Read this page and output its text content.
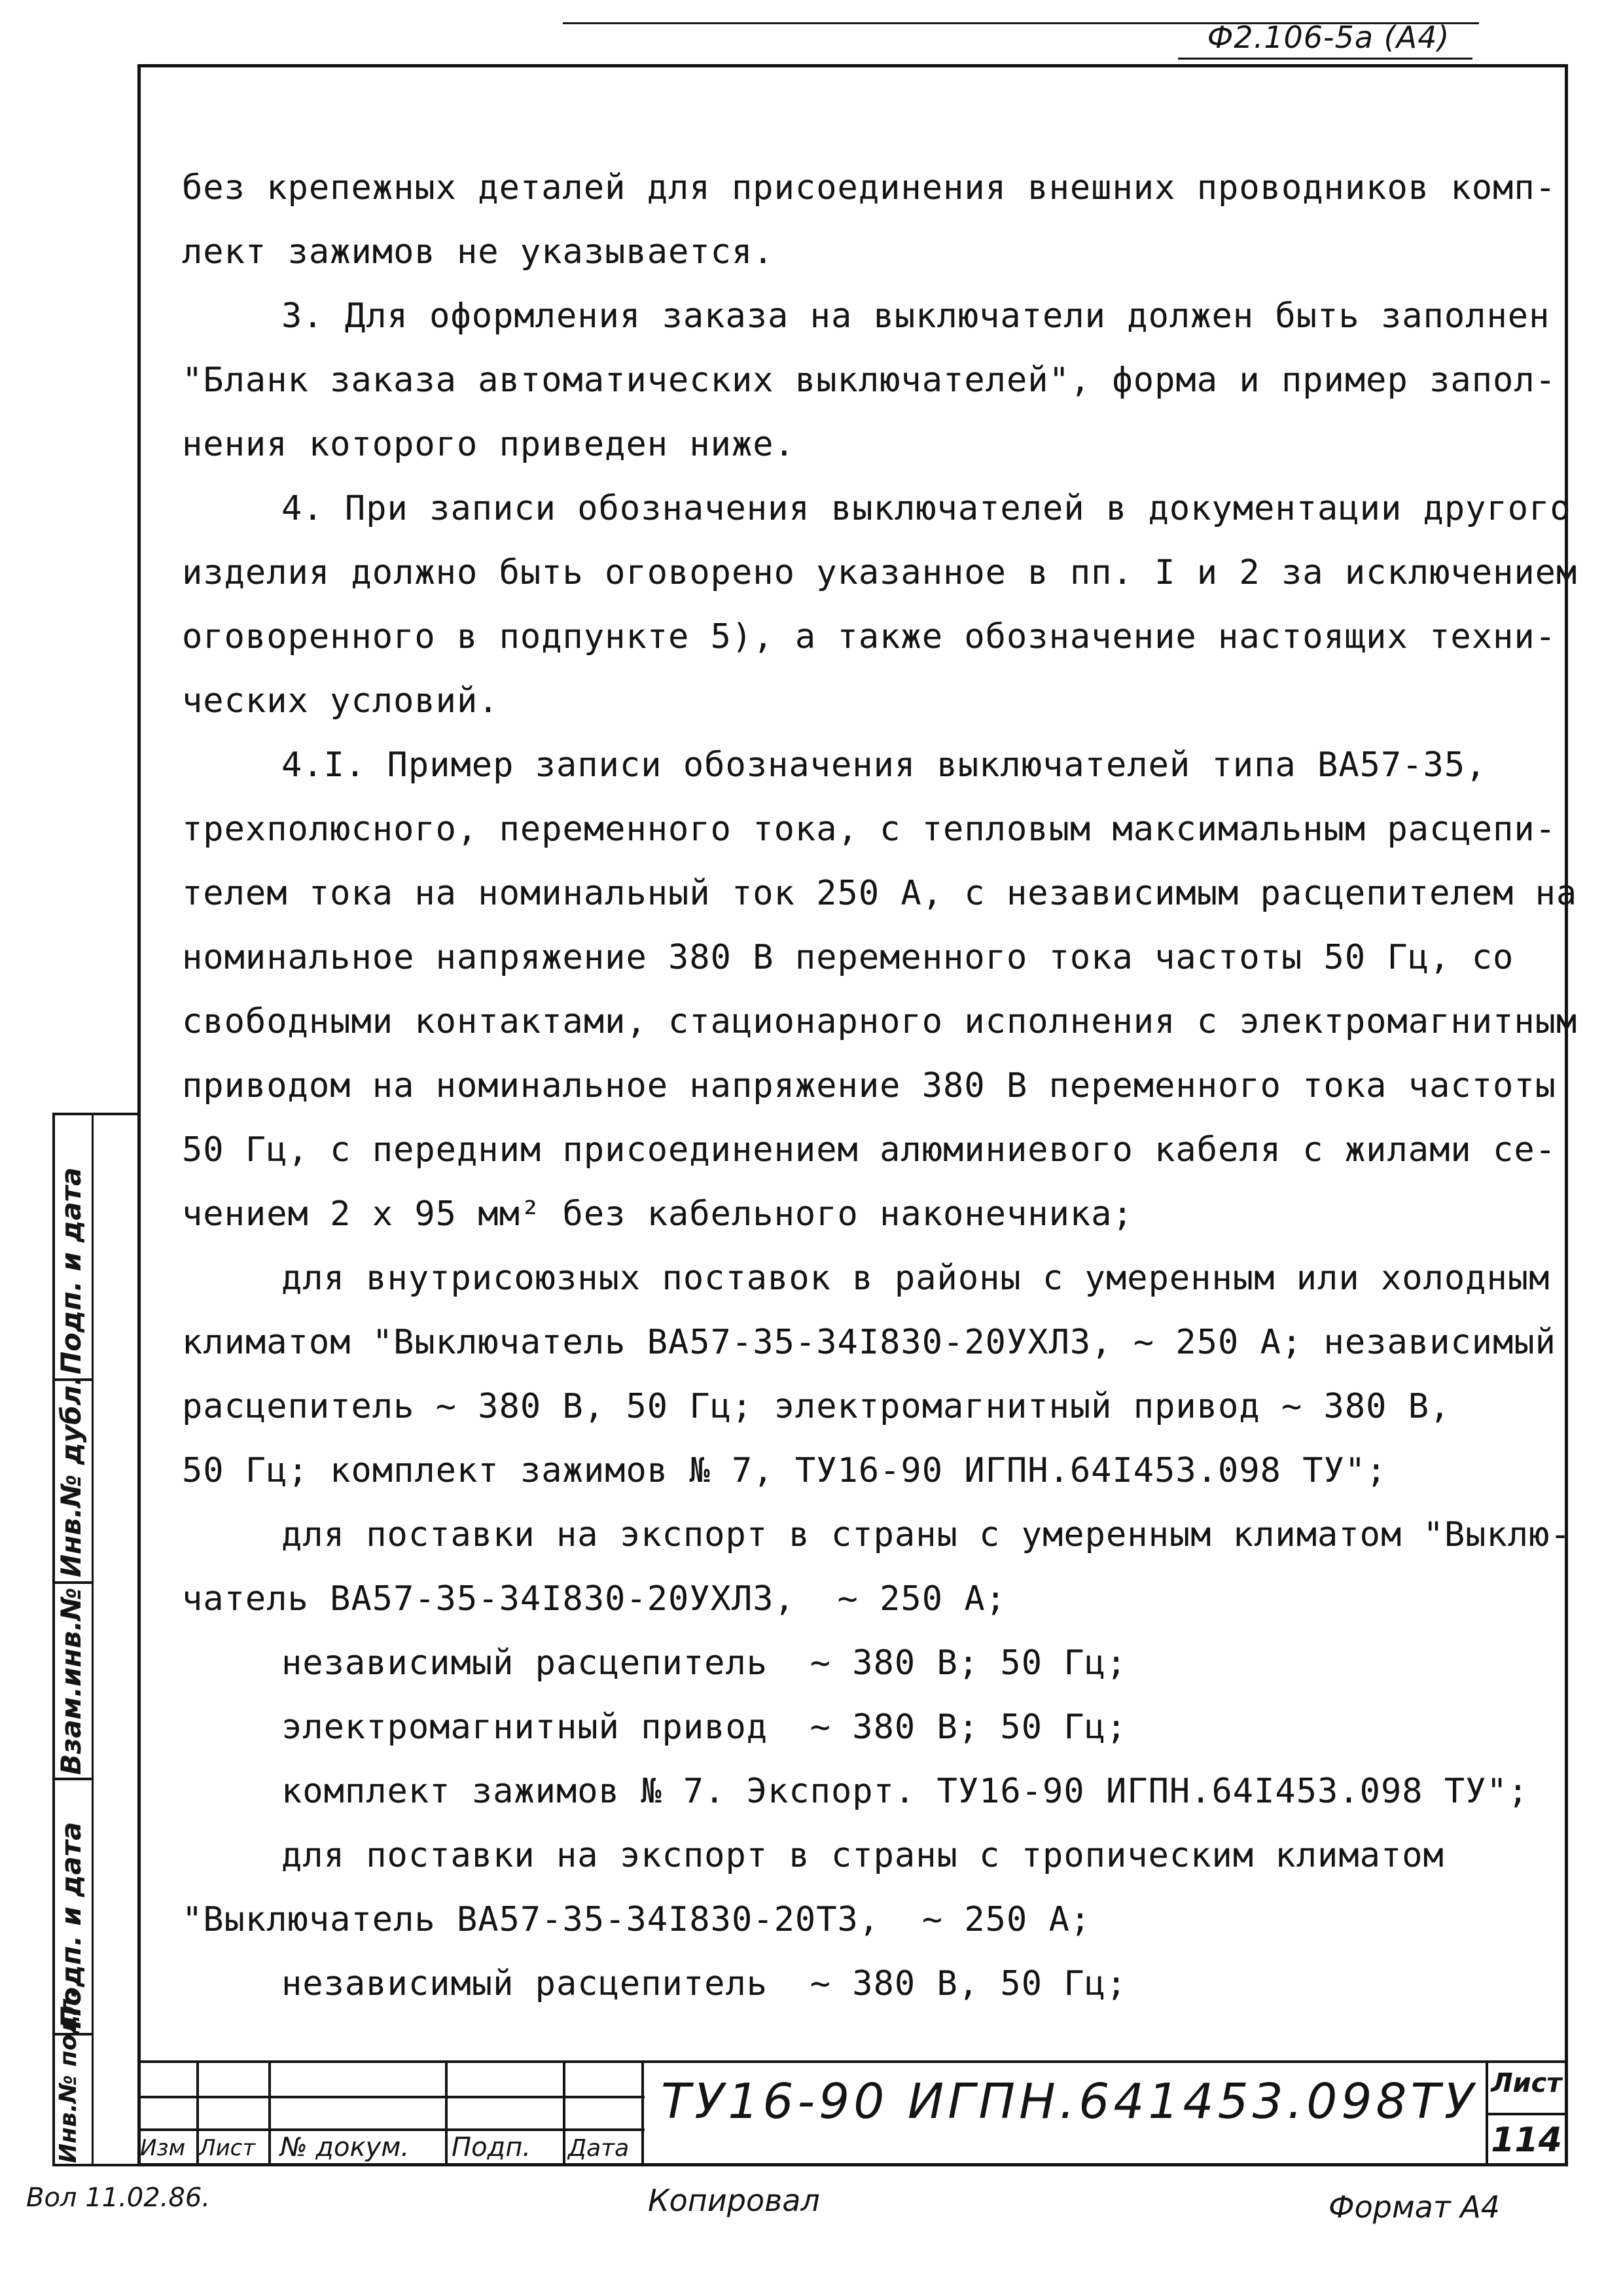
Ф2.106-5а (А4)

без крепежных деталей для присоединения внешних проводников комп-

лект зажимов не указывается.

3. Для оформления заказа на выключатели должен быть заполнен

"Бланк заказа автоматических выключателей", форма и пример запол-

нения которого приведен ниже.

4. При записи обозначения выключателей в документации другого

изделия должно быть оговорено указанное в пп. I и 2 за исключением

оговоренного в подпункте 5), а также обозначение настоящих техни-

ческих условий.

4.I. Пример записи обозначения выключателей типа ВА57-35,

трехполюсного, переменного тока, с тепловым максимальным расцепи-

телем тока на номинальный ток 250 А, с независимым расцепителем на

номинальное напряжение 380 В переменного тока частоты 50 Гц, со

свободными контактами, стационарного исполнения с электромагнитным

приводом на номинальное напряжение 380 В переменного тока частоты

50 Гц, с передним присоединением алюминиевого кабеля с жилами се-

чением 2 х 95 мм² без кабельного наконечника;

для внутрисоюзных поставок в районы с умеренным или холодным

климатом "Выключатель ВА57-35-34I830-20УХЛ3, ~ 250 А; независимый

расцепитель ~ 380 В, 50 Гц; электромагнитный привод ~ 380 В,

50 Гц; комплект зажимов № 7, ТУ16-90 ИГПН.64I453.098 ТУ";

для поставки на экспорт в страны с умеренным климатом "Выклю-

чатель ВА57-35-34I830-20УХЛ3,  ~ 250 А;

независимый расцепитель  ~ 380 В; 50 Гц;

электромагнитный привод  ~ 380 В; 50 Гц;

комплект зажимов № 7. Экспорт. ТУ16-90 ИГПН.64I453.098 ТУ";

для поставки на экспорт в страны с тропическим климатом

"Выключатель ВА57-35-34I830-20Т3,  ~ 250 А;

независимый расцепитель  ~ 380 В, 50 Гц;

Подп. и дата
Инв.№ дубл.
Взам.инв.№
Подп. и дата
Инв.№ подл.	Изм Лист № докум. Подп. Дата
ТУ16-90 ИГПН.641453.098ТУ Лист
114
Вол 11.02.86.	Копировал	Формат А4
